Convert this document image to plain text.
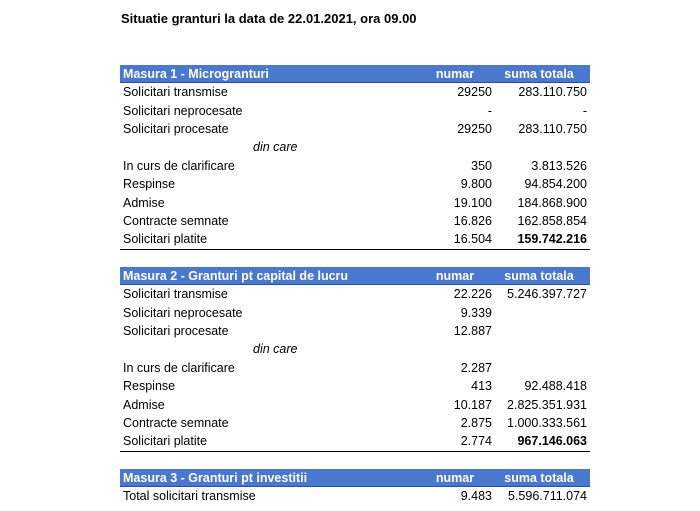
Situatie granturi la data de 22.01.2021, ora 09.00
Masura 1 - Microgranturi	numar	suma totala
Solicitari transmise	29250	283.110.750
Solicitari neprocesate	-	-
Solicitari procesate	29250	283.110.750
din care
In curs de clarificare	350	3.813.526
Respinse	9.800	94.854.200
Admise	19.100	184.868.900
Contracte semnate	16.826	162.858.854
Solicitari platite	16.504	159.742.216
Masura 2 - Granturi pt capital de lucru	numar	suma totala
Solicitari transmise	22.226	5.246.397.727
Solicitari neprocesate	9.339
Solicitari procesate	12.887
din care
In curs de clarificare	2.287
Respinse	413	92.488.418
Admise	10.187	2.825.351.931
Contracte semnate	2.875	1.000.333.561
Solicitari platite	2.774	967.146.063
Masura 3 - Granturi pt investitii	numar	suma totala
Total solicitari transmise	9.483	5.596.711.074
